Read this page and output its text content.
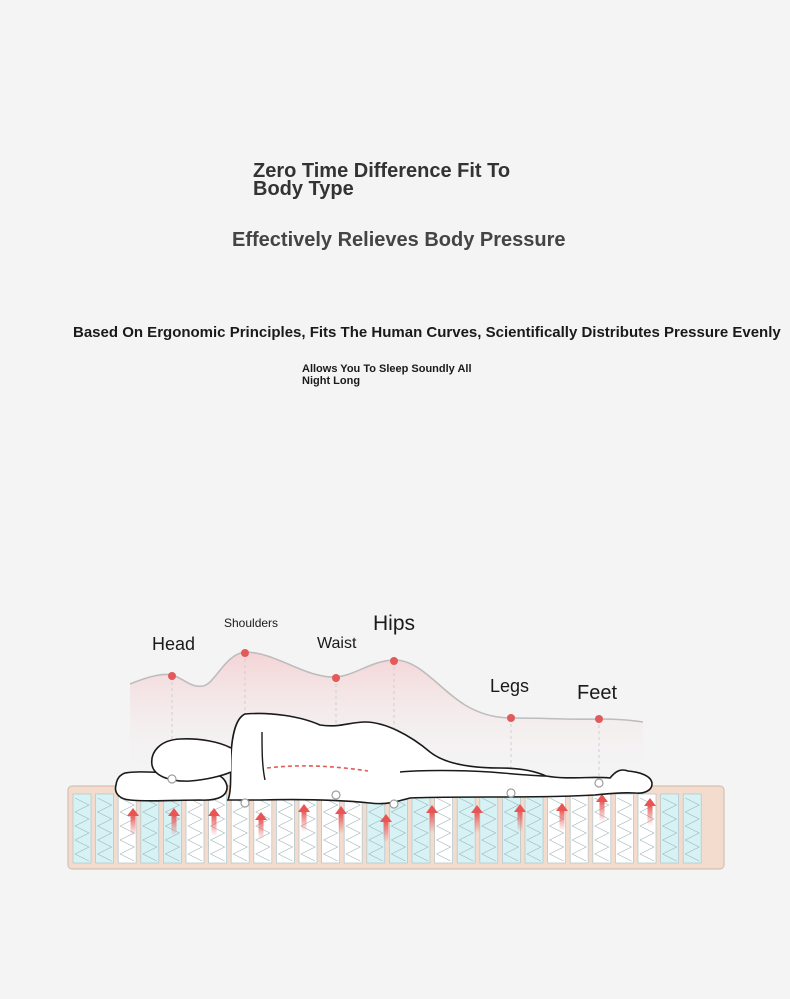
Zero Time Difference Fit To
Body Type
Effectively Relieves Body Pressure
Based On Ergonomic Principles, Fits The Human Curves, Scientifically Distributes Pressure Evenly
Allows You To Sleep Soundly All
Night Long
Head
Shoulders
Waist
Hips
Legs Feet
